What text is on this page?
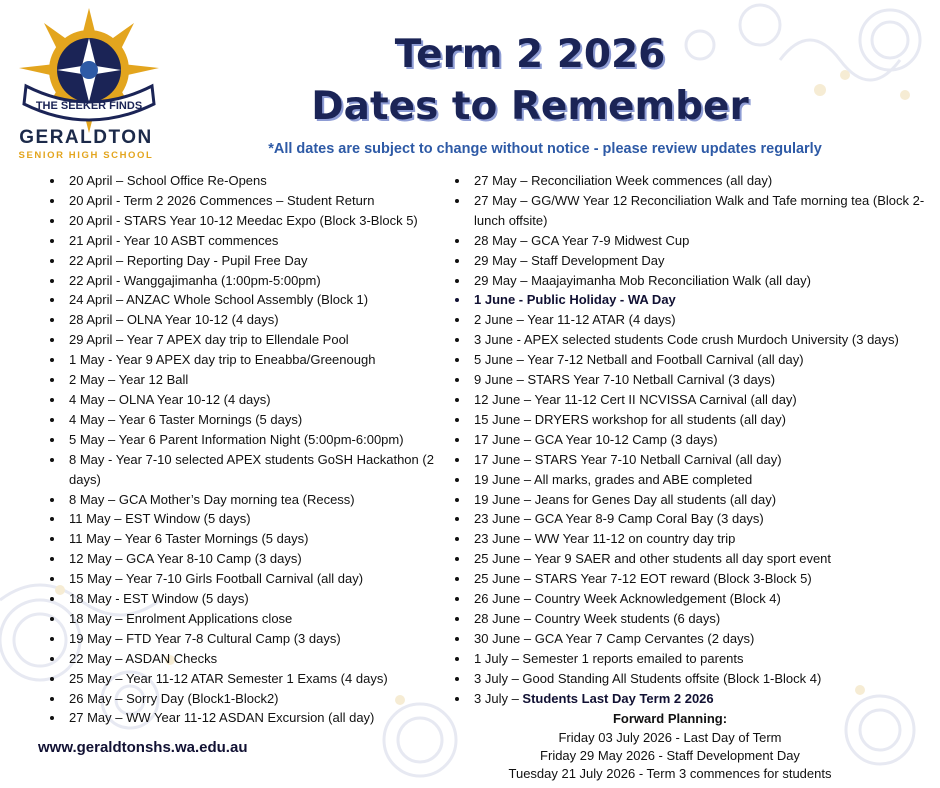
THE SEEKER FINDS
GERALDTON
SENIOR HIGH SCHOOL
Term 2 2026
Dates to Remember
*All dates are subject to change without notice - please review updates regularly
• 20 April – School Office Re-Opens
• 20 April - Term 2 2026 Commences – Student Return
• 20 April - STARS Year 10-12 Meedac Expo (Block 3-Block 5)
• 21 April - Year 10 ASBT commences
• 22 April – Reporting Day - Pupil Free Day
• 22 April - Wanggajimanha (1:00pm-5:00pm)
• 24 April – ANZAC Whole School Assembly (Block 1)
• 28 April – OLNA Year 10-12 (4 days)
• 29 April – Year 7 APEX day trip to Ellendale Pool
• 1 May - Year 9 APEX day trip to Eneabba/Greenough
• 2 May – Year 12 Ball
• 4 May – OLNA Year 10-12 (4 days)
• 4 May – Year 6 Taster Mornings (5 days)
• 5 May – Year 6 Parent Information Night (5:00pm-6:00pm)
• 8 May - Year 7-10 selected APEX students GoSH Hackathon (2 days)
• 8 May – GCA Mother’s Day morning tea (Recess)
• 11 May – EST Window (5 days)
• 11 May – Year 6 Taster Mornings (5 days)
• 12 May – GCA Year 8-10 Camp (3 days)
• 15 May – Year 7-10 Girls Football Carnival (all day)
• 18 May - EST Window (5 days)
• 18 May – Enrolment Applications close
• 19 May – FTD Year 7-8 Cultural Camp (3 days)
• 22 May – ASDAN Checks
• 25 May – Year 11-12 ATAR Semester 1 Exams (4 days)
• 26 May – Sorry Day (Block1-Block2)
• 27 May – WW Year 11-12 ASDAN Excursion (all day)
• 27 May – Reconciliation Week commences (all day)
• 27 May – GG/WW Year 12 Reconciliation Walk and Tafe morning tea (Block 2-lunch offsite)
• 28 May – GCA Year 7-9 Midwest Cup
• 29 May – Staff Development Day
• 29 May – Maajayimanha Mob Reconciliation Walk (all day)
• 1 June - Public Holiday - WA Day
• 2 June – Year 11-12 ATAR (4 days)
• 3 June - APEX selected students Code crush Murdoch University (3 days)
• 5 June – Year 7-12 Netball and Football Carnival (all day)
• 9 June – STARS Year 7-10 Netball Carnival (3 days)
• 12 June – Year 11-12 Cert II NCVISSA Carnival (all day)
• 15 June – DRYERS workshop for all students (all day)
• 17 June – GCA Year 10-12 Camp (3 days)
• 17 June – STARS Year 7-10 Netball Carnival (all day)
• 19 June – All marks, grades and ABE completed
• 19 June – Jeans for Genes Day all students (all day)
• 23 June – GCA Year 8-9 Camp Coral Bay (3 days)
• 23 June – WW Year 11-12 on country day trip
• 25 June – Year 9 SAER and other students all day sport event
• 25 June – STARS Year 7-12 EOT reward (Block 3-Block 5)
• 26 June – Country Week Acknowledgement (Block 4)
• 28 June – Country Week students (6 days)
• 30 June – GCA Year 7 Camp Cervantes (2 days)
• 1 July – Semester 1 reports emailed to parents
• 3 July – Good Standing All Students offsite (Block 1-Block 4)
• 3 July – Students Last Day Term 2 2026
Forward Planning:
Friday 03 July 2026 - Last Day of Term
Friday 29 May 2026 - Staff Development Day
Tuesday 21 July 2026 - Term 3 commences for students
www.geraldtonshs.wa.edu.au
